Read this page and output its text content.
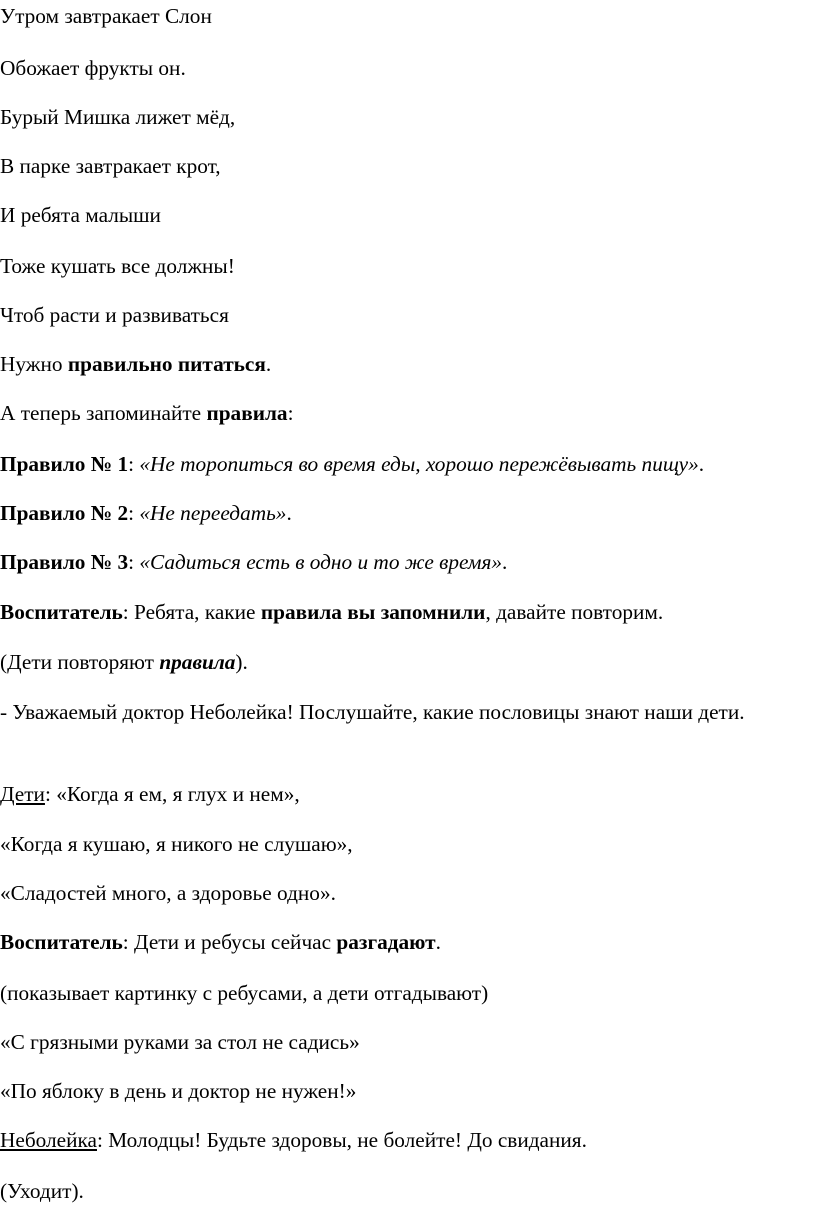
Утром завтракает Слон
Обожает фрукты он.
Бурый Мишка лижет мёд,
В парке завтракает крот,
И ребята малыши
Тоже кушать все должны!
Чтоб расти и развиваться
Нужно правильно питаться.
А теперь запоминайте правила:
Правило № 1: «Не торопиться во время еды, хорошо пережёвывать пищу».
Правило № 2: «Не переедать».
Правило № 3: «Садиться есть в одно и то же время».
Воспитатель: Ребята, какие правила вы запомнили, давайте повторим.
(Дети повторяют правила).
- Уважаемый доктор Неболейка! Послушайте, какие пословицы знают наши дети.
Дети: «Когда я ем, я глух и нем»,
«Когда я кушаю, я никого не слушаю»,
«Сладостей много, а здоровье одно».
Воспитатель: Дети и ребусы сейчас разгадают.
(показывает картинку с ребусами, а дети отгадывают)
«С грязными руками за стол не садись»
«По яблоку в день и доктор не нужен!»
Неболейка: Молодцы! Будьте здоровы, не болейте! До свидания.
(Уходит).
